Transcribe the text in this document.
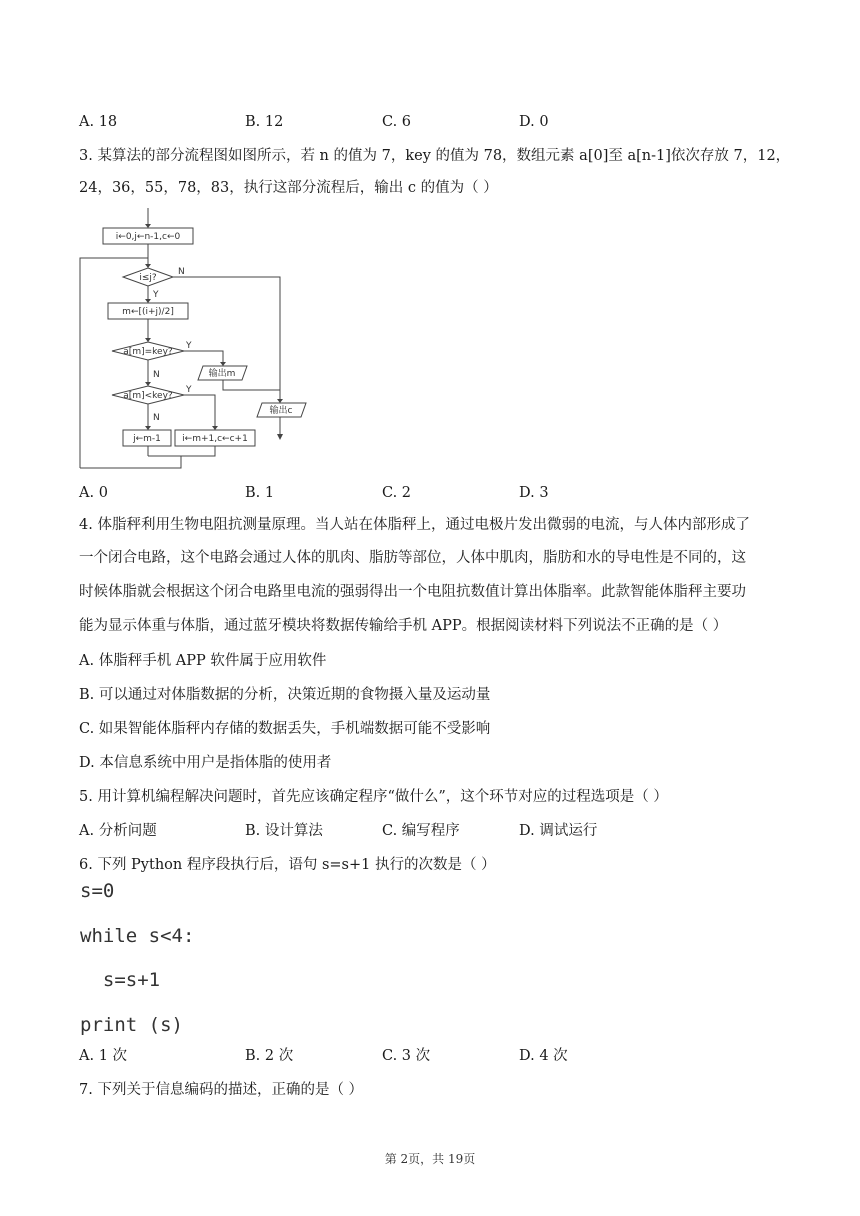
A. 18	B. 12	C. 6	D. 0
3. 某算法的部分流程图如图所示，若 n 的值为 7，key 的值为 78，数组元素 a[0]至 a[n-1]依次存放 7，12，
24，36，55，78，83，执行这部分流程后，输出 c 的值为（ ）
i←0,j←n-1,c←0
i≤j?
N
Y
m←[(i+j)/2]
a[m]=key?
Y
N	输出m
a[m]<key?
Y
N
输出c
j←m-1 i←m+1,c←c+1
A. 0	B. 1	C. 2	D. 3
4. 体脂秤利用生物电阻抗测量原理。当人站在体脂秤上，通过电极片发出微弱的电流，与人体内部形成了
一个闭合电路，这个电路会通过人体的肌肉、脂肪等部位，人体中肌肉，脂肪和水的导电性是不同的，这
时候体脂就会根据这个闭合电路里电流的强弱得出一个电阻抗数值计算出体脂率。此款智能体脂秤主要功
能为显示体重与体脂，通过蓝牙模块将数据传输给手机 APP。根据阅读材料下列说法不正确的是（ ）
A. 体脂秤手机 APP 软件属于应用软件
B. 可以通过对体脂数据的分析，决策近期的食物摄入量及运动量
C. 如果智能体脂秤内存储的数据丢失，手机端数据可能不受影响
D. 本信息系统中用户是指体脂的使用者
5. 用计算机编程解决问题时，首先应该确定程序“做什么”，这个环节对应的过程选项是（ ）
A. 分析问题	B. 设计算法	C. 编写程序	D. 调试运行
6. 下列 Python 程序段执行后，语句 s=s+1 执行的次数是（ ）
s=0
while s<4:
s=s+1
print (s)
A. 1 次	B. 2 次	C. 3 次	D. 4 次
7. 下列关于信息编码的描述，正确的是（ ）
第 2页，共 19页
